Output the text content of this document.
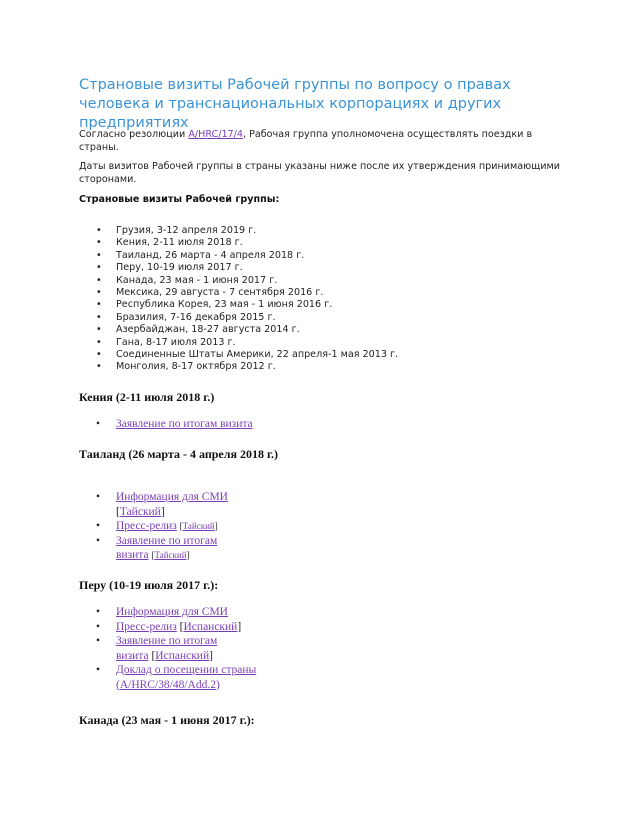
Страновые визиты Рабочей группы по вопросу о правах человека и транснациональных корпорациях и других предприятиях
Согласно резолюции A/HRC/17/4, Рабочая группа уполномочена осуществлять поездки в страны.
Даты визитов Рабочей группы в страны указаны ниже после их утверждения принимающими сторонами.
Страновые визиты Рабочей группы:
• Грузия, 3-12 апреля 2019 г.
• Кения, 2-11 июля 2018 г.
• Таиланд, 26 марта - 4 апреля 2018 г.
• Перу, 10-19 июля 2017 г.
• Канада, 23 мая - 1 июня 2017 г.
• Мексика, 29 августа - 7 сентября 2016 г.
• Республика Корея, 23 мая - 1 июня 2016 г.
• Бразилия, 7-16 декабря 2015 г.
• Азербайджан, 18-27 августа 2014 г.
• Гана, 8-17 июля 2013 г.
• Соединенные Штаты Америки, 22 апреля-1 мая 2013 г.
• Монголия, 8-17 октября 2012 г.
Кения (2-11 июля 2018 г.)
• Заявление по итогам визита
Таиланд (26 марта - 4 апреля 2018 г.)
• Информация для СМИ [Тайский]
• Пресс-релиз [Тайский]
• Заявление по итогам визита [Тайский]
Перу (10-19 июля 2017 г.):
• Информация для СМИ
• Пресс-релиз [Испанский]
• Заявление по итогам визита [Испанский]
• Доклад о посещении страны (A/HRC/38/48/Add.2)
Канада (23 мая - 1 июня 2017 г.):
